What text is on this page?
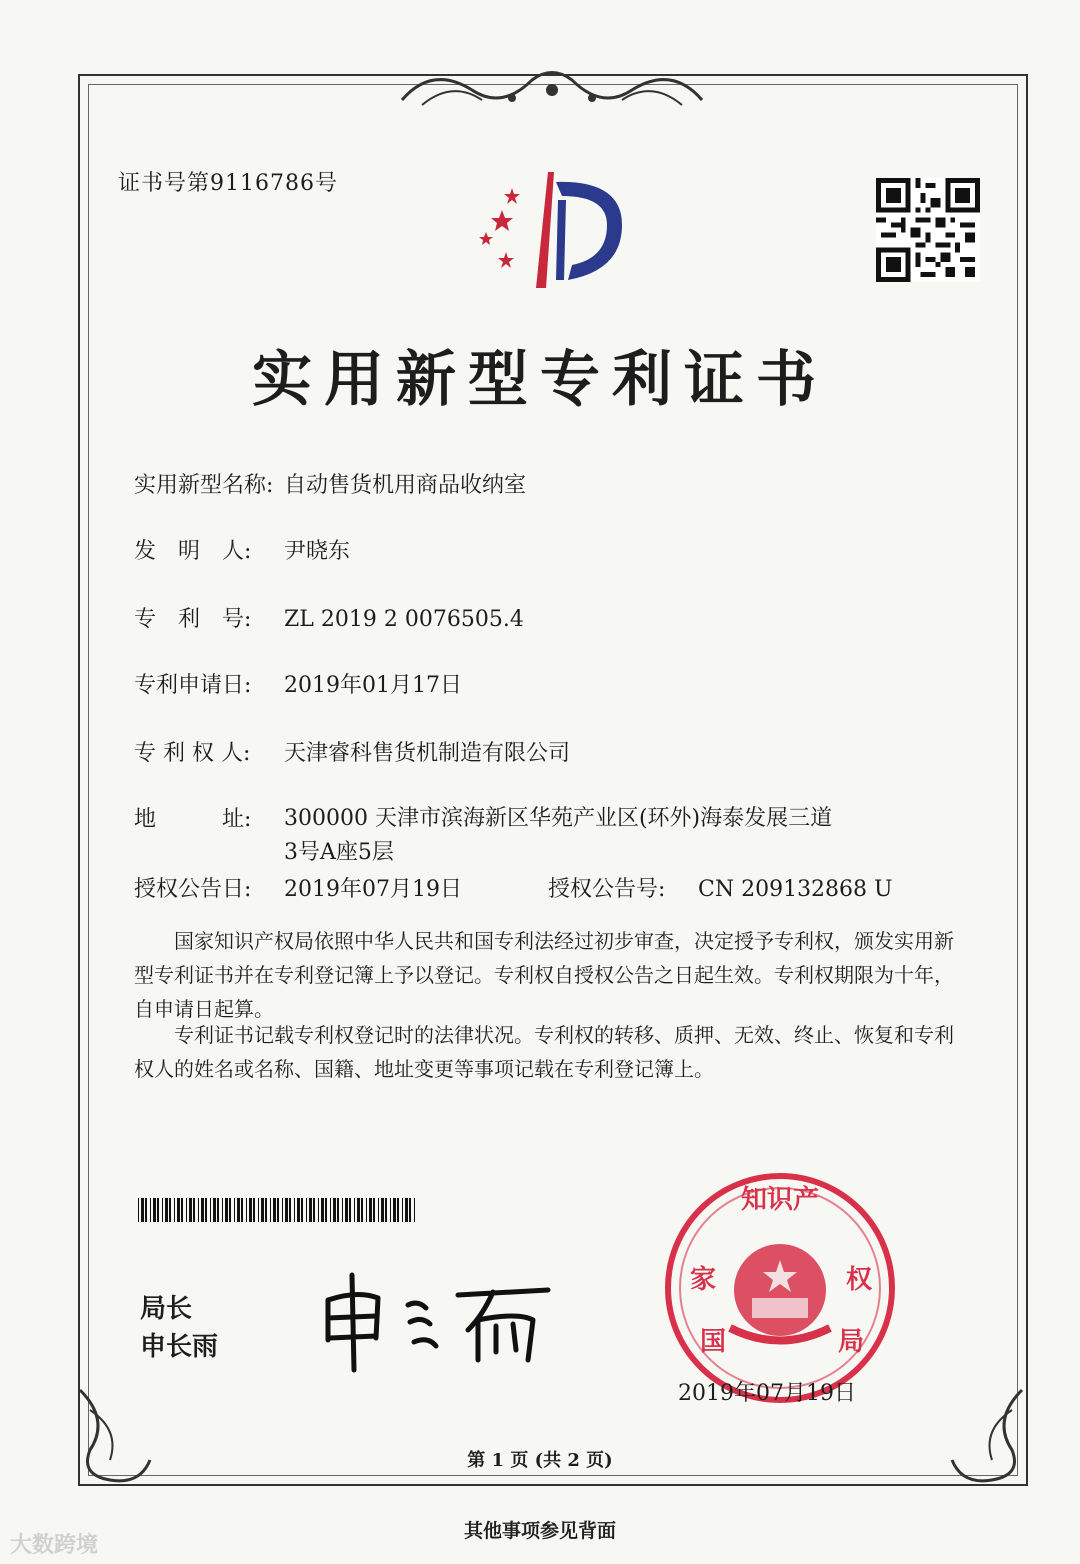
证书号第9116786号
实用新型专利证书
实用新型名称: 自动售货机用商品收纳室
发　明　人: 尹晓东
专　利　号: ZL 2019 2 0076505.4
专利申请日: 2019年01月17日
专 利 权 人: 天津睿科售货机制造有限公司
地　　　址: 300000 天津市滨海新区华苑产业区(环外)海泰发展三道3号A座5层
授权公告日: 2019年07月19日	授权公告号: CN 209132868 U
国家知识产权局依照中华人民共和国专利法经过初步审查，决定授予专利权，颁发实用新型专利证书并在专利登记簿上予以登记。专利权自授权公告之日起生效。专利权期限为十年，自申请日起算。
专利证书记载专利权登记时的法律状况。专利权的转移、质押、无效、终止、恢复和专利权人的姓名或名称、国籍、地址变更等事项记载在专利登记簿上。
局长
申长雨
知识产
家	权
国	局
2019年07月19日
第 1 页 (共 2 页)
其他事项参见背面
大数跨境
